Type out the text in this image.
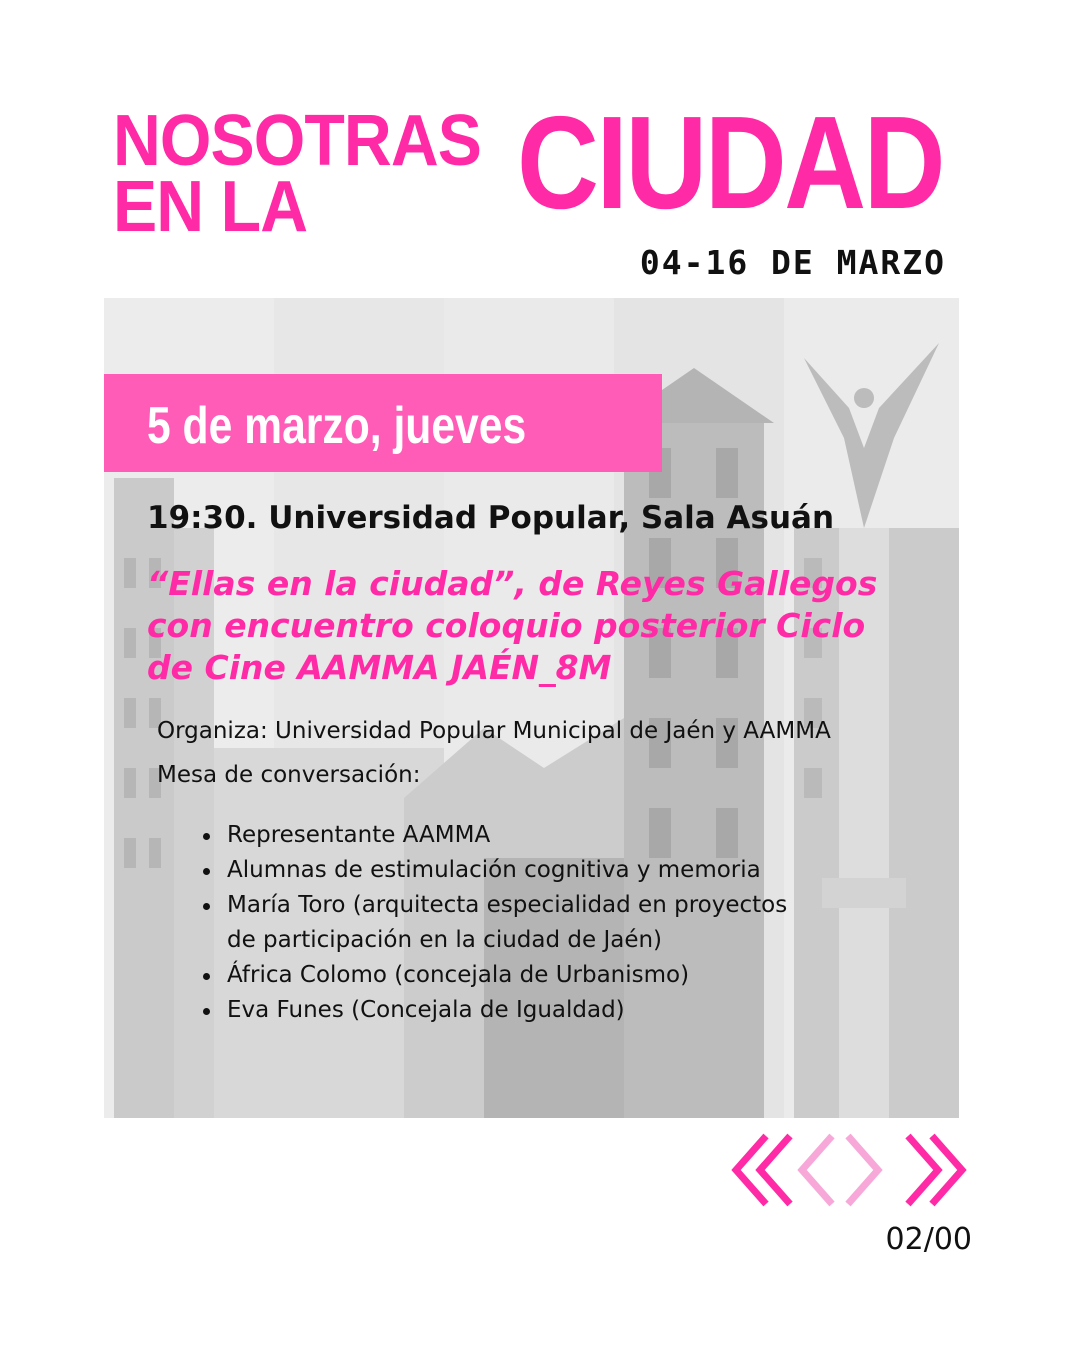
NOSOTRAS
EN LA	CIUDAD
04-16 DE MARZO
5 de marzo, jueves
19:30. Universidad Popular, Sala Asuán
“Ellas en la ciudad”, de Reyes Gallegos
con encuentro coloquio posterior Ciclo
de Cine AAMMA JAÉN_8M
Organiza: Universidad Popular Municipal de Jaén y AAMMA
Mesa de conversación:
Representante AAMMA
Alumnas de estimulación cognitiva y memoria
María Toro (arquitecta especialidad en proyectos
de participación en la ciudad de Jaén)
África Colomo (concejala de Urbanismo)
Eva Funes (Concejala de Igualdad)
02/00
